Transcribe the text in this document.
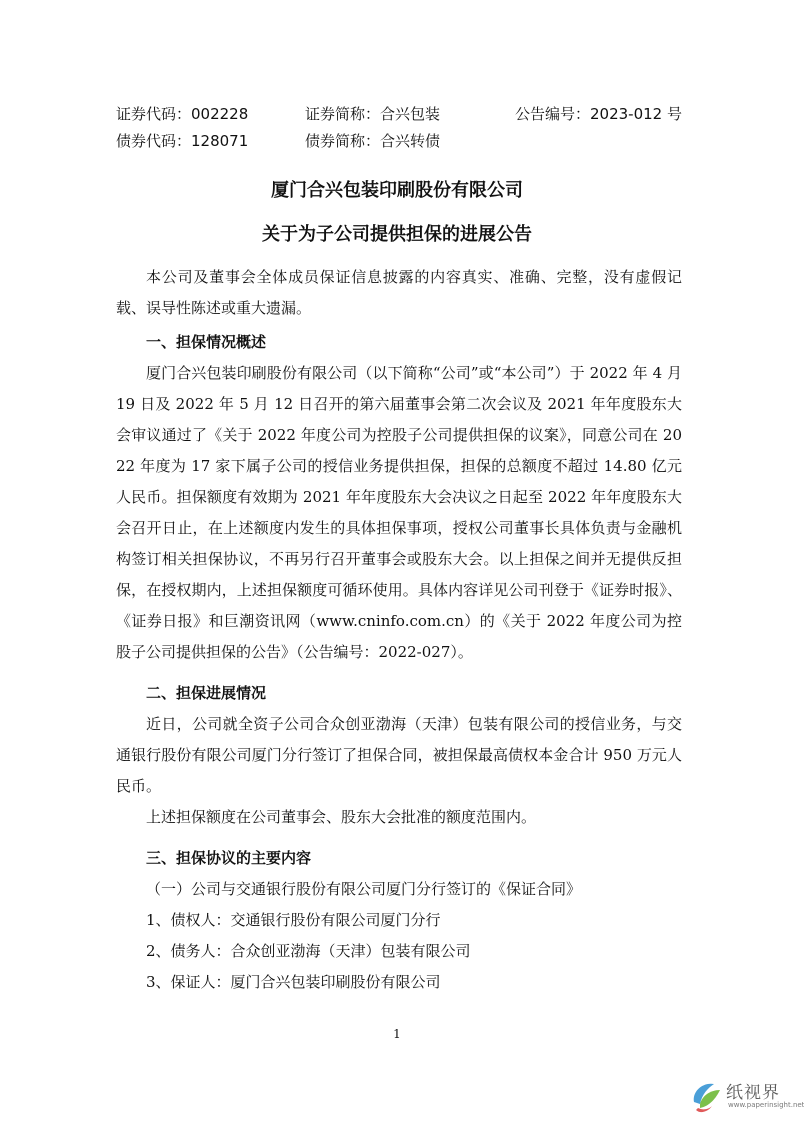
证券代码：002228	证券简称：合兴包装	公告编号：2023-012 号
债券代码：128071	债券简称：合兴转债
厦门合兴包装印刷股份有限公司
关于为子公司提供担保的进展公告

本公司及董事会全体成员保证信息披露的内容真实、准确、完整，没有虚假记载、误导性陈述或重大遗漏。

一、担保情况概述

厦门合兴包装印刷股份有限公司（以下简称“公司”或“本公司”）于 2022 年 4 月 19 日及 2022 年 5 月 12 日召开的第六届董事会第二次会议及 2021 年年度股东大会审议通过了《关于 2022 年度公司为控股子公司提供担保的议案》，同意公司在 2022 年度为 17 家下属子公司的授信业务提供担保，担保的总额度不超过 14.80 亿元人民币。担保额度有效期为 2021 年年度股东大会决议之日起至 2022 年年度股东大会召开日止，在上述额度内发生的具体担保事项，授权公司董事长具体负责与金融机构签订相关担保协议，不再另行召开董事会或股东大会。以上担保之间并无提供反担保，在授权期内，上述担保额度可循环使用。具体内容详见公司刊登于《证券时报》、《证券日报》和巨潮资讯网（www.cninfo.com.cn）的《关于 2022 年度公司为控股子公司提供担保的公告》（公告编号：2022-027）。

二、担保进展情况

近日，公司就全资子公司合众创亚渤海（天津）包装有限公司的授信业务，与交通银行股份有限公司厦门分行签订了担保合同，被担保最高债权本金合计 950 万元人民币。

上述担保额度在公司董事会、股东大会批准的额度范围内。

三、担保协议的主要内容

（一）公司与交通银行股份有限公司厦门分行签订的《保证合同》

1、债权人：交通银行股份有限公司厦门分行

2、债务人：合众创亚渤海（天津）包装有限公司

3、保证人：厦门合兴包装印刷股份有限公司

1
纸视界
www.paperinsight.net
